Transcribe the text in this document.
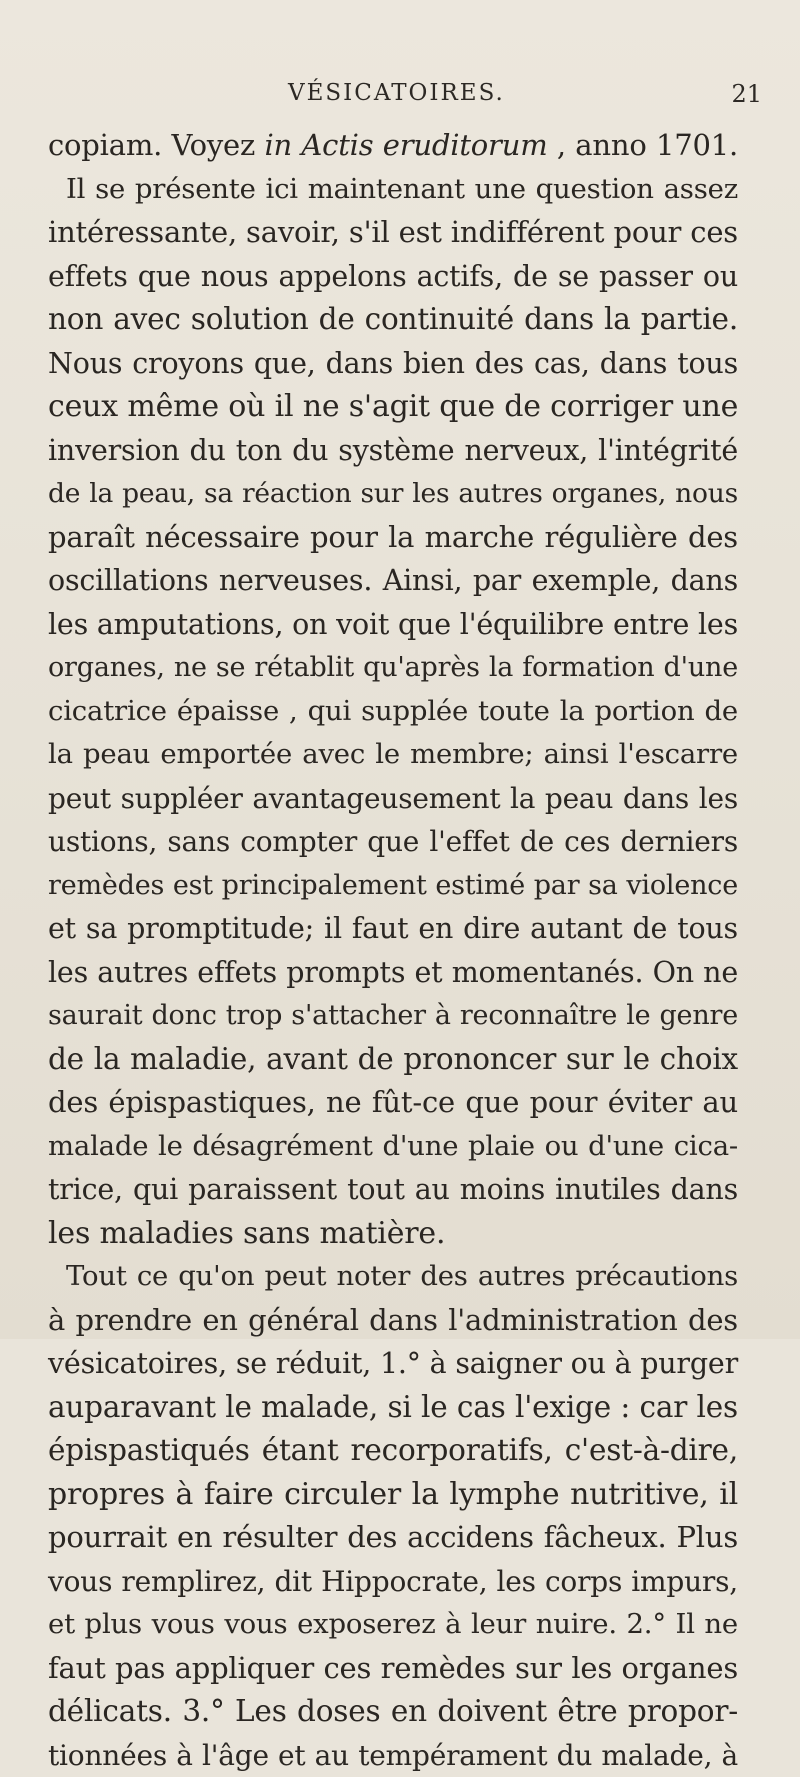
VÉSICATOIRES.	21
copiam. Voyez in Actis eruditorum , anno 1701.
Il se présente ici maintenant une question assez
intéressante, savoir, s'il est indifférent pour ces
effets que nous appelons actifs, de se passer ou
non avec solution de continuité dans la partie.
Nous croyons que, dans bien des cas, dans tous
ceux même où il ne s'agit que de corriger une
inversion du ton du système nerveux, l'intégrité
de la peau, sa réaction sur les autres organes, nous
paraît nécessaire pour la marche régulière des
oscillations nerveuses. Ainsi, par exemple, dans
les amputations, on voit que l'équilibre entre les
organes, ne se rétablit qu'après la formation d'une
cicatrice épaisse , qui supplée toute la portion de
la peau emportée avec le membre; ainsi l'escarre
peut suppléer avantageusement la peau dans les
ustions, sans compter que l'effet de ces derniers
remèdes est principalement estimé par sa violence
et sa promptitude; il faut en dire autant de tous
les autres effets prompts et momentanés. On ne
saurait donc trop s'attacher à reconnaître le genre
de la maladie, avant de prononcer sur le choix
des épispastiques, ne fût-ce que pour éviter au
malade le désagrément d'une plaie ou d'une cica-
trice, qui paraissent tout au moins inutiles dans
les maladies sans matière.
Tout ce qu'on peut noter des autres précautions
à prendre en général dans l'administration des
vésicatoires, se réduit, 1.° à saigner ou à purger
auparavant le malade, si le cas l'exige : car les
épispastiqués étant recorporatifs, c'est-à-dire,
propres à faire circuler la lymphe nutritive, il
pourrait en résulter des accidens fâcheux. Plus
vous remplirez, dit Hippocrate, les corps impurs,
et plus vous vous exposerez à leur nuire. 2.° Il ne
faut pas appliquer ces remèdes sur les organes
délicats. 3.° Les doses en doivent être propor-
tionnées à l'âge et au tempérament du malade, à
